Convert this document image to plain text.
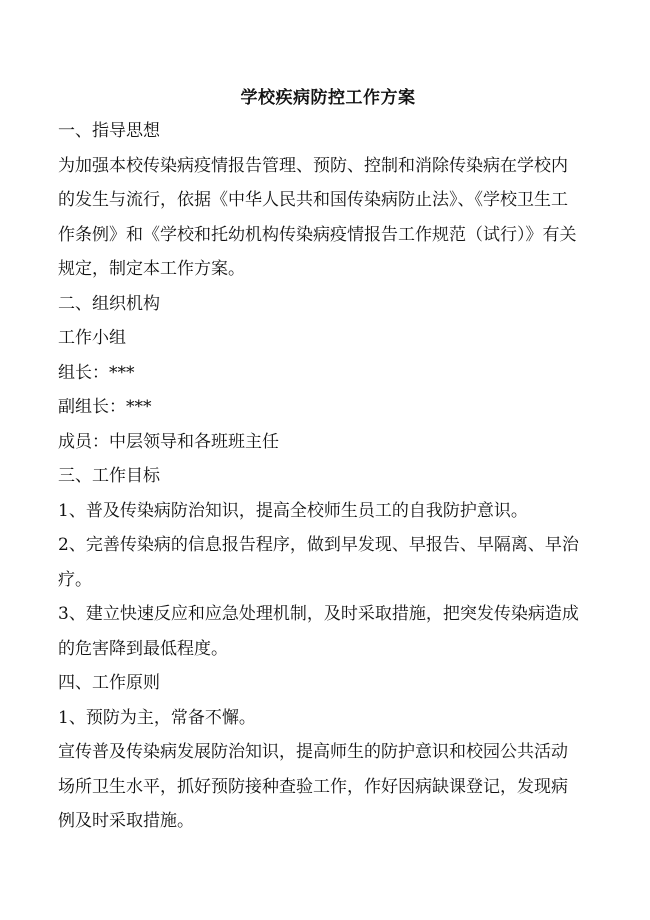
学校疾病防控工作方案
一、指导思想
为加强本校传染病疫情报告管理、预防、控制和消除传染病在学校内
的发生与流行，依据《中华人民共和国传染病防止法》、《学校卫生工
作条例》和《学校和托幼机构传染病疫情报告工作规范（试行）》有关
规定，制定本工作方案。
二、组织机构
工作小组
组长：***
副组长：***
成员：中层领导和各班班主任
三、工作目标
1、普及传染病防治知识，提高全校师生员工的自我防护意识。
2、完善传染病的信息报告程序，做到早发现、早报告、早隔离、早治
疗。
3、建立快速反应和应急处理机制，及时采取措施，把突发传染病造成
的危害降到最低程度。
四、工作原则
1、预防为主，常备不懈。
宣传普及传染病发展防治知识，提高师生的防护意识和校园公共活动
场所卫生水平，抓好预防接种查验工作，作好因病缺课登记，发现病
例及时采取措施。
